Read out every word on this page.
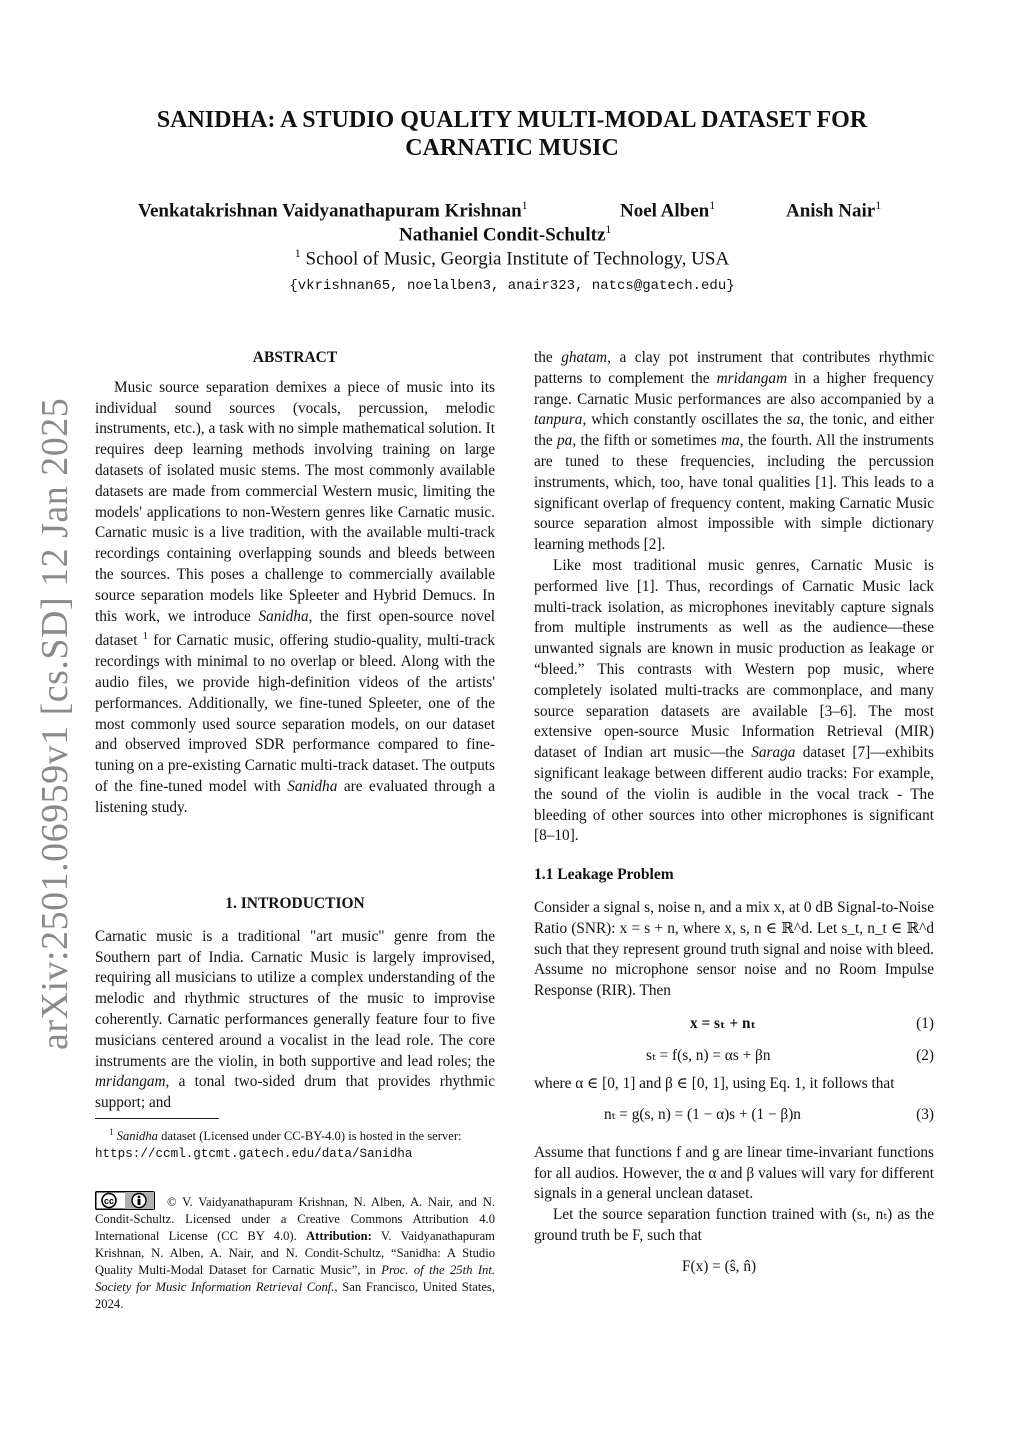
SANIDHA: A STUDIO QUALITY MULTI-MODAL DATASET FOR
CARNATIC MUSIC
Venkatakrishnan Vaidyanathapuram Krishnan$^1$	Noel Alben$^1$	Anish Nair$^1$
Nathaniel Condit-Schultz$^1$
$^1$ School of Music, Georgia Institute of Technology, USA
{vkrishnan65, noelalben3, anair323, natcs@gatech.edu}
arXiv:2501.06959v1 [cs.SD] 12 Jan 2025
ABSTRACT

Music source separation demixes a piece of music into its individual sound sources (vocals, percussion, melodic instruments, etc.), a task with no simple mathematical solution. It requires deep learning methods involving training on large datasets of isolated music stems. The most commonly available datasets are made from commercial Western music, limiting the models' applications to non-Western genres like Carnatic music. Carnatic music is a live tradition, with the available multi-track recordings containing overlapping sounds and bleeds between the sources. This poses a challenge to commercially available source separation models like Spleeter and Hybrid Demucs. In this work, we introduce Sanidha, the first open-source novel dataset $^1$ for Carnatic music, offering studio-quality, multi-track recordings with minimal to no overlap or bleed. Along with the audio files, we provide high-definition videos of the artists' performances. Additionally, we fine-tuned Spleeter, one of the most commonly used source separation models, on our dataset and observed improved SDR performance compared to fine-tuning on a pre-existing Carnatic multi-track dataset. The outputs of the fine-tuned model with Sanidha are evaluated through a listening study.

1. INTRODUCTION

Carnatic music is a traditional "art music" genre from the Southern part of India. Carnatic Music is largely improvised, requiring all musicians to utilize a complex understanding of the melodic and rhythmic structures of the music to improvise coherently. Carnatic performances generally feature four to five musicians centered around a vocalist in the lead role. The core instruments are the violin, in both supportive and lead roles; the mridangam, a tonal two-sided drum that provides rhythmic support; and

$^1$ Sanidha dataset (Licensed under CC-BY-4.0) is hosted in the server:
https://ccml.gtcmt.gatech.edu/data/Sanidha

cc	© V. Vaidyanathapuram Krishnan, N. Alben, A. Nair, and N. Condit-Schultz. Licensed under a Creative Commons Attribution 4.0 International License (CC BY 4.0). Attribution: V. Vaidyanathapuram Krishnan, N. Alben, A. Nair, and N. Condit-Schultz, “Sanidha: A Studio Quality Multi-Modal Dataset for Carnatic Music”, in Proc. of the 25th Int. Society for Music Information Retrieval Conf., San Francisco, United States, 2024.

the ghatam, a clay pot instrument that contributes rhythmic patterns to complement the mridangam in a higher frequency range. Carnatic Music performances are also accompanied by a tanpura, which constantly oscillates the sa, the tonic, and either the pa, the fifth or sometimes ma, the fourth. All the instruments are tuned to these frequencies, including the percussion instruments, which, too, have tonal qualities [1]. This leads to a significant overlap of frequency content, making Carnatic Music source separation almost impossible with simple dictionary learning methods [2].

Like most traditional music genres, Carnatic Music is performed live [1]. Thus, recordings of Carnatic Music lack multi-track isolation, as microphones inevitably capture signals from multiple instruments as well as the audience—these unwanted signals are known in music production as leakage or “bleed.” This contrasts with Western pop music, where completely isolated multi-tracks are commonplace, and many source separation datasets are available [3–6]. The most extensive open-source Music Information Retrieval (MIR) dataset of Indian art music—the Saraga dataset [7]—exhibits significant leakage between different audio tracks: For example, the sound of the violin is audible in the vocal track - The bleeding of other sources into other microphones is significant [8–10].

1.1 Leakage Problem

Consider a signal s, noise n, and a mix x, at 0 dB Signal-to-Noise Ratio (SNR): x = s + n, where x, s, n ∈ ℝ^d. Let s_t, n_t ∈ ℝ^d such that they represent ground truth signal and noise with bleed. Assume no microphone sensor noise and no Room Impulse Response (RIR). Then

x = sₜ + nₜ	(1)
sₜ = f(s, n) = αs + βn	(2)

where α ∈ [0, 1] and β ∈ [0, 1], using Eq. 1, it follows that

nₜ = g(s, n) = (1 − α)s + (1 − β)n	(3)

Assume that functions f and g are linear time-invariant functions for all audios. However, the α and β values will vary for different signals in a general unclean dataset.

Let the source separation function trained with (sₜ, nₜ) as the ground truth be F, such that

F(x) = (ŝ, n̂)
